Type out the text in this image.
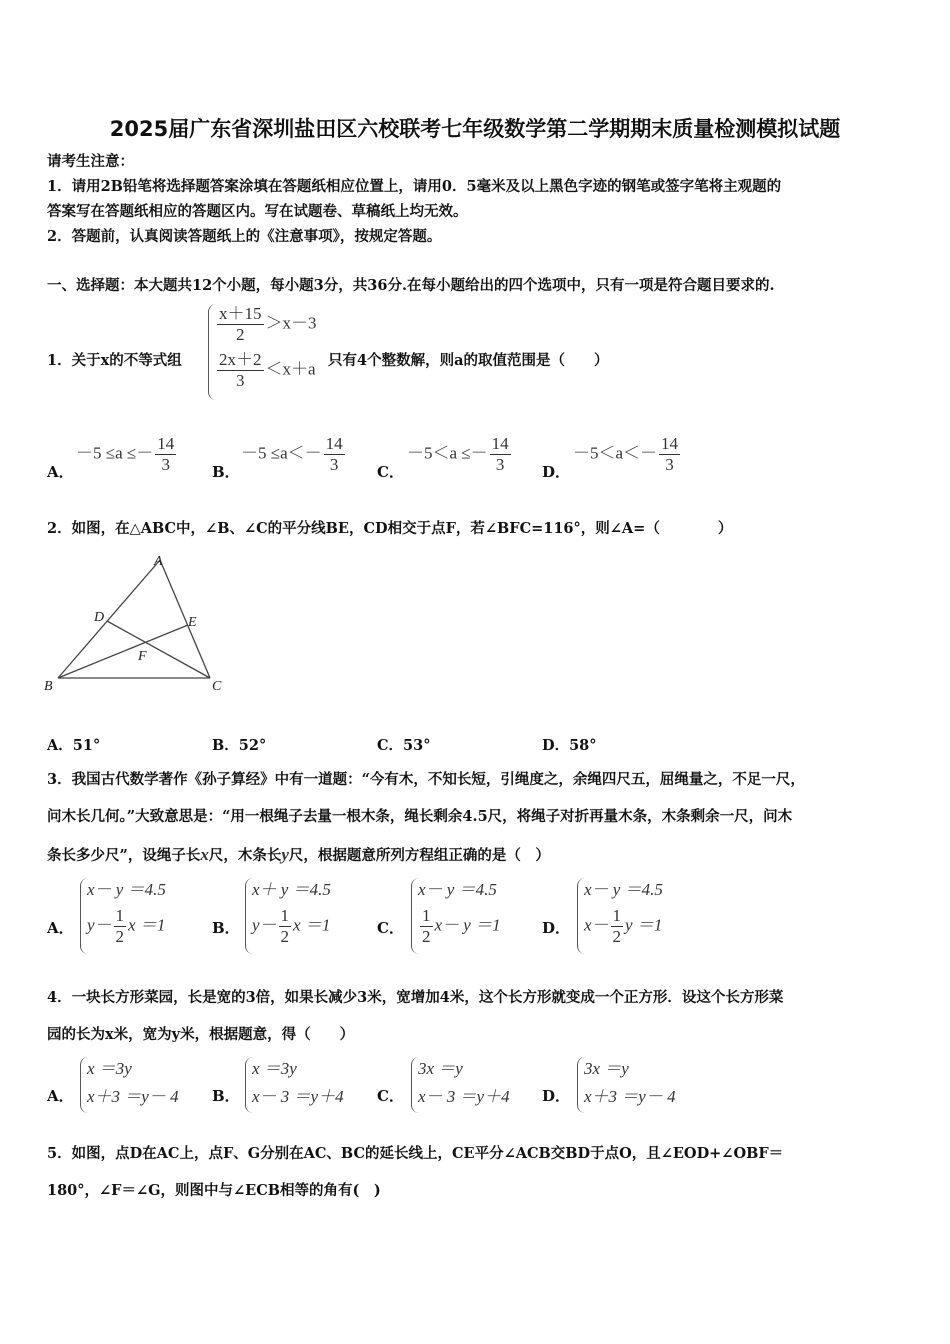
2025届广东省深圳盐田区六校联考七年级数学第二学期期末质量检测模拟试题
请考生注意：
1．请用2B铅笔将选择题答案涂填在答题纸相应位置上，请用0．5毫米及以上黑色字迹的钢笔或签字笔将主观题的
答案写在答题纸相应的答题区内。写在试题卷、草稿纸上均无效。
2．答题前，认真阅读答题纸上的《注意事项》，按规定答题。
一、选择题：本大题共12个小题，每小题3分，共36分.在每小题给出的四个选项中，只有一项是符合题目要求的.
1．关于x的不等式组
$\frac{x+15}{2} >x-3$
$\frac{2x+2}{3} <x+a$ 只有4个整数解，则a的取值范围是（　　）
A．
$-5 \le a \le- \frac{14}{3}$ B．
$-5 \le a<- \frac{14}{3}$ C．
$-5<a \le- \frac{14}{3}$ D．
$-5<a<- \frac{14}{3}$
2．如图，在△ABC中，∠B、∠C的平分线BE，CD相交于点F，若∠BFC=116°，则∠A=（　　　　）
A
B	C
D	E
F
A．51°	B．52°	C．53°	D．58°
3．我国古代数学著作《孙子算经》中有一道题：“今有木，不知长短，引绳度之，余绳四尺五，屈绳量之，不足一尺，
问木长几何。”大致意思是：“用一根绳子去量一根木条，绳长剩余4.5尺，将绳子对折再量木条，木条剩余一尺，问木
条长多少尺”，设绳子长x尺，木条长y尺，根据题意所列方程组正确的是（　）
A．
x－ y ＝4.5
$y- \frac{1}{2}$ x ＝1	B．
x＋ y ＝4.5
$y- \frac{1}{2}$ x ＝1	C．
x－ y ＝4.5
$\frac{1}{2} x- y =1$	D．
x－ y ＝4.5
$x- \frac{1}{2}$ y ＝1
4．一块长方形菜园，长是宽的3倍，如果长减少3米，宽增加4米，这个长方形就变成一个正方形．设这个长方形菜
园的长为x米，宽为y米，根据题意，得（　　）
A．
x ＝3y
x＋3 ＝y－ 4 B．
x ＝3y
x－ 3 ＝y＋4 C．
3x ＝y
x－ 3 ＝y＋4 D．
3x ＝y
x＋3 ＝y－ 4
5．如图，点D在AC上，点F、G分别在AC、BC的延长线上，CE平分∠ACB交BD于点O，且∠EOD+∠OBF＝
180°，∠F＝∠G，则图中与∠ECB相等的角有(　)
